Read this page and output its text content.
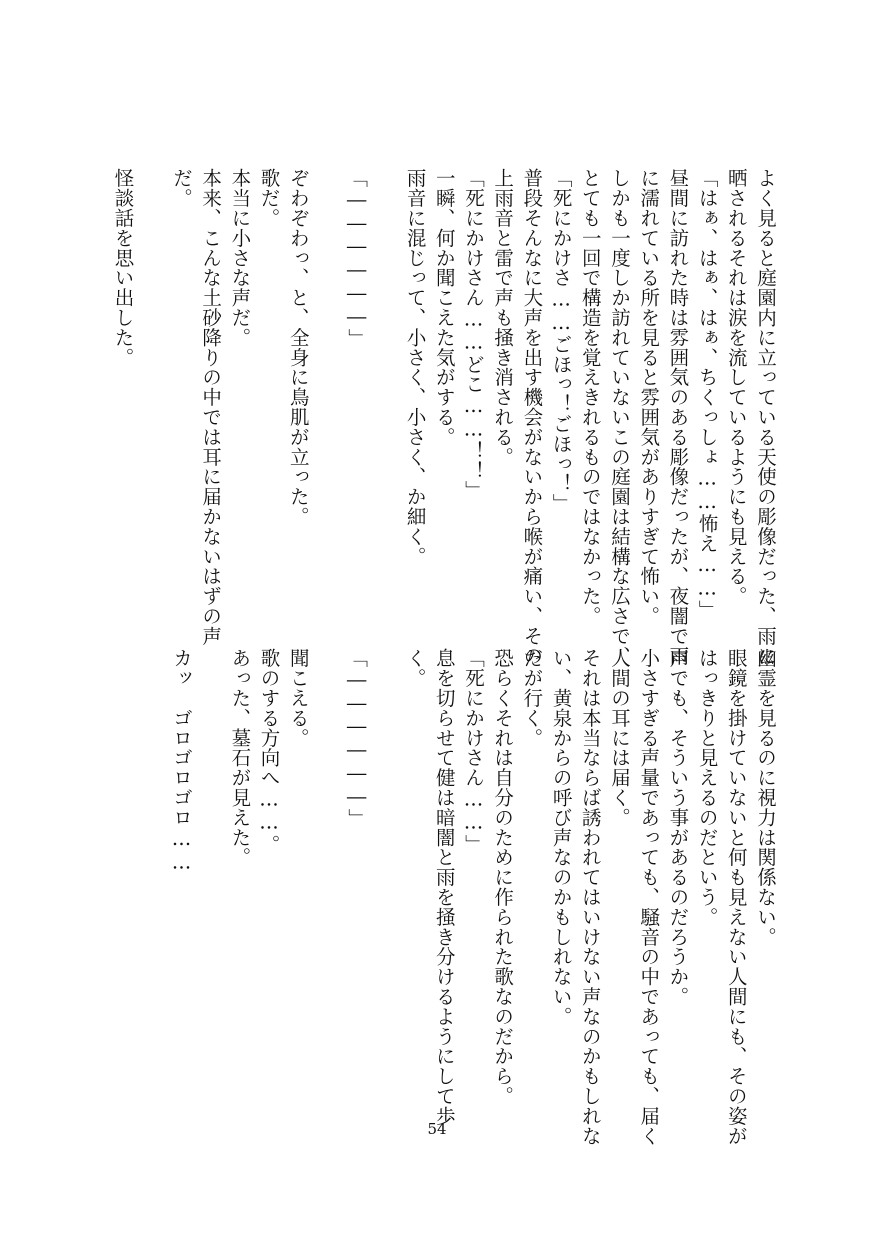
よく見ると庭園内に立っている天使の彫像だった、雨に
晒されるそれは涙を流しているようにも見える。
「はぁ、はぁ、はぁ、ちくっしょ……怖え……」
昼間に訪れた時は雰囲気のある彫像だったが、夜闇で雨
に濡れている所を見ると雰囲気がありすぎて怖い。
しかも一度しか訪れていないこの庭園は結構な広さで、
とても一回で構造を覚えきれるものではなかった。
「死にかけさ……ごほっ！ごほっ！」
普段そんなに大声を出す機会がないから喉が痛い、その
上雨音と雷で声も掻き消される。
「死にかけさん……どこ……！！」
一瞬、何か聞こえた気がする。
雨音に混じって、小さく、小さく、か細く。

「――――――」

ぞわぞわっ、と、全身に鳥肌が立った。
歌だ。
本当に小さな声だ。
本来、こんな土砂降りの中では耳に届かないはずの声
だ。

怪談話を思い出した。
幽霊を見るのに視力は関係ない。
眼鏡を掛けていないと何も見えない人間にも、その姿が
はっきりと見えるのだという。
声でも、そういう事があるのだろうか。
小さすぎる声量であっても、騒音の中であっても、届く
人間の耳には届く。
それは本当ならば誘われてはいけない声なのかもしれな
い、黄泉からの呼び声なのかもしれない。
だが行く。
恐らくそれは自分のために作られた歌なのだから。
「死にかけさん……」
息を切らせて健は暗闇と雨を掻き分けるようにして歩
く。

「――――――」

聞こえる。
歌のする方向へ……。
あった、墓石が見えた。

カッ　ゴロゴロゴロ……
54
